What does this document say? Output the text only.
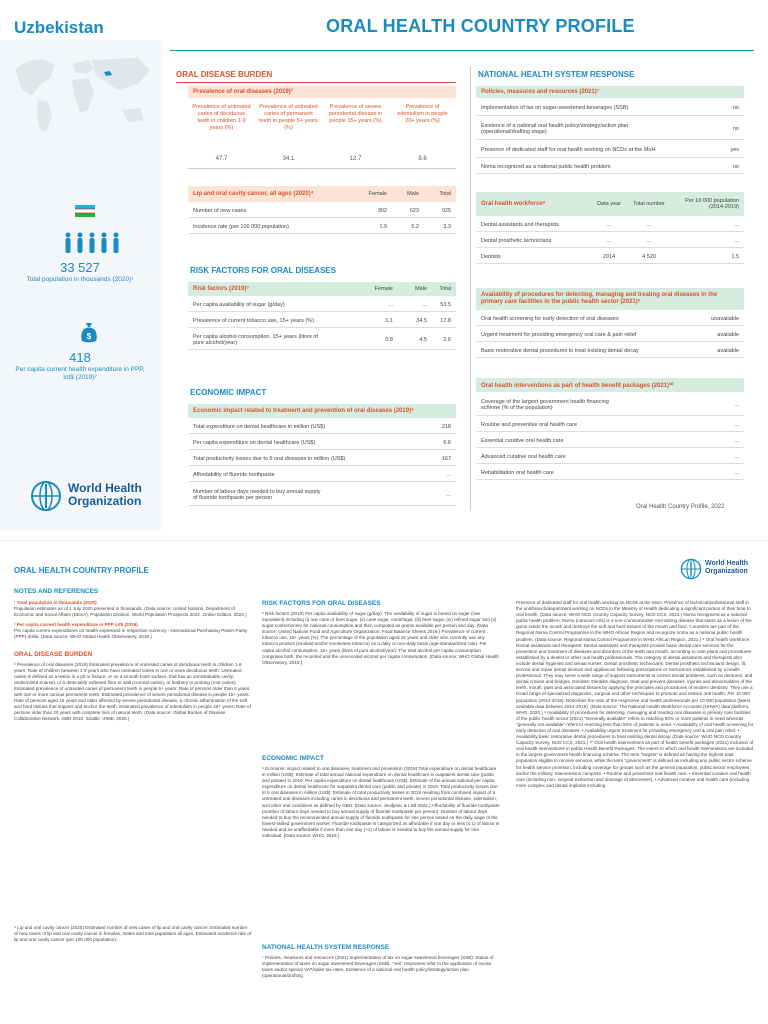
Uzbekistan	ORAL HEALTH COUNTRY PROFILE
33 527
Total population in thousands (2020)¹
$
418
Per capita current health expenditure in PPP, int$ (2019)²
World Health
Organization
ORAL DISEASE BURDEN
Prevalence of oral diseases (2019)³
Prevalence of untreated caries of deciduous teeth in children 1-9 years (%)
Prevalence of untreated caries of permanent teeth in people 5+ years (%)
Prevalence of severe periodontal disease in people 15+ years (%)
Prevalence of edentulism in people 20+ years (%)
47.7	34.1	12.7	8.6
Lip and oral cavity cancer, all ages (2020)⁴	Female	Male	Total
Number of new cases	302	623	925
Incidence rate (per 100 000 population)	1.9	5.2	3.3
RISK FACTORS FOR ORAL DISEASES
Risk factors (2019)⁵	Female	Male	Total
Per capita availability of sugar (g/day)	...	...	53.5
Prevalence of current tobacco use, 15+ years (%)	1.1	34.5	17.8
Per capita alcohol consumption, 15+ years (litres of pure alcohol/year)	0.8	4.5	2.6
ECONOMIC IMPACT
Economic impact related to treatment and prevention of oral diseases (2019)⁶
Total expenditure on dental healthcare in million (US$)	218
Per capita expenditure on dental healthcare (US$)	6.6
Total productivity losses due to 5 oral diseases in million (US$)	167
Affordability of fluoride toothpaste	...
Number of labour days needed to buy annual supply of fluoride toothpaste per person	...
NATIONAL HEALTH SYSTEM RESPONSE
Policies, measures and resources (2021)⁷
Implementation of tax on sugar-sweetened beverages (SSB)	no
Existence of a national oral health policy/strategy/action plan (operational/drafting stage)	no
Presence of dedicated staff for oral health working on NCDs at the MoH	yes
Noma recognized as a national public health problem	no
Oral health workforce⁸	Data year	Total number	Per 10 000 population (2014-2019)
Dental assistants and therapists	...	...	...
Dental prosthetic technicians	...	...	...
Dentists	2014	4 520	1.5
Availability of procedures for detecting, managing and treating oral diseases in the primary care facilities in the public health sector (2021)⁹
Oral health screening for early detection of oral diseases	unavailable
Urgent treatment for providing emergency oral care & pain relief	available
Basic restorative dental procedures to treat existing dental decay	available
Oral health interventions as part of health benefit packages (2021)¹⁰
Coverage of the largest government health financing scheme (% of the population)	...
Routine and preventive oral health care	...
Essential curative oral health care	...
Advanced curative oral health care	...
Rehabilitation oral health care	...
Oral Health Country Profile, 2022
ORAL HEALTH COUNTRY PROFILE
World Health
Organization
NOTES AND REFERENCES
¹ Total population in thousands (2020)
Population estimates as of 1 July 2020 presented in thousands. (Data source: United Nations, Department of Economic and Social Affairs (DESA), Population Division. World Population Prospects 2022, Online Edition. 2022.)
² Per capita current health expenditure in PPP int$ (2019)
Per capita current expenditures on health expressed in respective currency - international Purchasing Power Parity (PPP) dollar. (Data source: WHO Global Health Observatory, 2019.)
ORAL DISEASE BURDEN
³ Prevalence of oral diseases (2019) Estimated prevalence of untreated caries of deciduous teeth in children 1-9 years: Rate of children between 1-9 years who have untreated caries in one or more deciduous teeth. Untreated caries is defined as a lesion in a pit or fissure, or on a smooth tooth surface, that has an unmistakable cavity, undermined enamel, or a detectably softened floor or wall (coronal caries), or leathery to probing (root caries). Estimated prevalence of untreated caries of permanent teeth in people 5+ years: Rate of persons older than 5 years with one or more carious permanent teeth. Estimated prevalence of severe periodontal disease in people 15+ years: Rate of persons aged 15 years and older affected by severe periodontal disease, a chronic inflammation of the soft and hard tissues that support and anchor the teeth. Estimated prevalence of edentulism in people 20+ years: Rate of persons older than 20 years with complete loss of natural teeth. (Data source: Global Burden of Disease Collaborative Network. GBD 2019. Seattle: IHME, 2020.)
⁴ Lip and oral cavity cancer (2020) Estimated number of new cases of lip and oral cavity cancer: Estimated number of new cases of lip and oral cavity cancer in females, males and total population all ages. Estimated incidence rate of lip and oral cavity cancer (per 100 000 population):
RISK FACTORS FOR ORAL DISEASES
⁵ Risk factors (2019) Per capita availability of sugar (g/day): The availability of sugar is based on sugar (raw equivalent) including (i) raw cane or beet sugar, (ii) cane sugar, centrifugal, (iii) beet sugar, (iv) refined sugar and (v) sugar confectionery for national consumption and then computed as grams available per person and day. (Data source: United Nations Food and Agriculture Organization. Food Balance Sheets 2019.) Prevalence of current tobacco use, 15+ years (%): The percentage of the population aged 15 years and older who currently use any tobacco product (smoked and/or smokeless tobacco) on a daily or non-daily basis (age-standardized rate). Per capita alcohol consumption, 15+ years (litres of pure alcohol/year): The total alcohol per capita consumption comprises both, the recorded and the unrecorded alcohol per capita consumption. (Data source: WHO Global Health Observatory, 2019.)
ECONOMIC IMPACT
⁶ Economic impact related to oral diseases, treatment and prevention (2019) Total expenditure on dental healthcare in million (US$): Estimate of total annual national expenditure on dental healthcare in outpatient dental care (public and private) in 2019. Per capita expenditure on dental healthcare (US$): Estimate of the annual national per capita expenditure on dental healthcare for outpatient dental care (public and private) in 2019. Total productivity losses due to 5 oral diseases in million (US$): Estimate of total productivity losses in 2019 resulting from combined impact of 5 untreated oral diseases including caries in deciduous and permanent teeth, severe periodontal disease, edentulism, and other oral conditions as defined by GBD. (Data source: Jevdjevic & Listl 2022.) Affordability of fluoride toothpaste (number of labour days needed to buy annual supply of fluoride toothpaste per person): Number of labour days needed to buy the recommended annual supply of fluoride toothpaste for one person based on the daily wage of the lowest-skilled government worker. Fluoride toothpaste is categorized as affordable if one day or less (≤ 1) of labour is needed and as unaffordable if more than one day (>1) of labour is needed to buy the annual supply for one individual. (Data source: WHO, 2019.)
NATIONAL HEALTH SYSTEM RESPONSE
⁷ Policies, measures and resources (2021) Implementation of tax on sugar-sweetened beverages (SSB): Status of implementation of taxes on sugar sweetened beverages (SSB). "Yes" responses refer to the application of excise taxes and/or special VAT/sales tax rates. Existence of a national oral health policy/strategy/action plan (operational/drafting
Presence of dedicated staff for oral health working on NCDs at the MoH: Presence of technical/professional staff in the unit/branch/department working on NCDs in the Ministry of Health dedicating a significant portion of their time to oral health. (Data source: WHO NCD Country Capacity Survey, NCD CCS, 2021.) Noma recognized as a national public health problem: Noma (cancrum oris) is a non-communicable necrotizing disease that starts as a lesion of the gums inside the mouth and destroys the soft and hard tissues of the mouth and face. Countries are part of the Regional Noma Control Programme in the WHO African Region and recognize noma as a national public health problem. (Data source: Regional Noma Control Programme in WHO African Region, 2021.) ⁸ Oral health workforce Dental assistants and therapists: Dental assistants and therapists provide basic dental care services for the prevention and treatment of diseases and disorders of the teeth and mouth, according to care plans and procedures established by a dentist or other oral health professionals. The category of dental assistants and therapists also include dental hygienist and dental nurses. Dental prosthetic technicians: Dental prosthetic technicians design, fit, service and repair dental devices and appliances following prescriptions or instructions established by a health professional. They may serve a wide range of support instruments to correct dental problems, such as dentures, and dental crowns and bridges. Dentists: Dentists diagnose, treat and prevent diseases, injuries and abnormalities of the teeth, mouth, jaws and associated tissues by applying the principles and procedures of modern dentistry. They use a broad range of specialized diagnostic, surgical and other techniques to promote and restore oral health. Per 10 000 population (2014-2019): Describes the ratio of the respective oral health professionals per 10 000 population (latest available data between 2014-2019). (Data source: The National Health Workforce Accounts (NHWA) data platform, WHO, 2020.) ⁹ Availability of procedures for detecting, managing and treating oral diseases in primary care facilities of the public health sector (2021) "Generally available" refers to reaching 50% or more patients in need whereas "generally not available" refers to reaching less than 50% of patients in need. • Availability of oral health screening for early detection of oral diseases. • Availability urgent treatment for providing emergency oral & oral pain relief. • Availability basic restorative dental procedures to treat existing dental decay. (Data source: WHO NCD Country Capacity Survey, NCD CCS, 2021.) ¹⁰ Oral health interventions as part of health benefit packages (2021) Inclusion of oral health interventions in public Health Benefit Packages: The extent to which oral health interventions are included in the largest government health financing scheme. The term "largest" is defined as having the highest total population eligible to receive services, while the term "government" is defined as including any public sector scheme for health service provision, including coverage for groups such as the general population, public sector employees and/or the military. Interventions comprise: • Routine and preventive oral health care. • Essential curative oral health care (including non- surgical extraction and drainage of abscesses). • Advanced curative oral health care (including more complex and dental implants including
